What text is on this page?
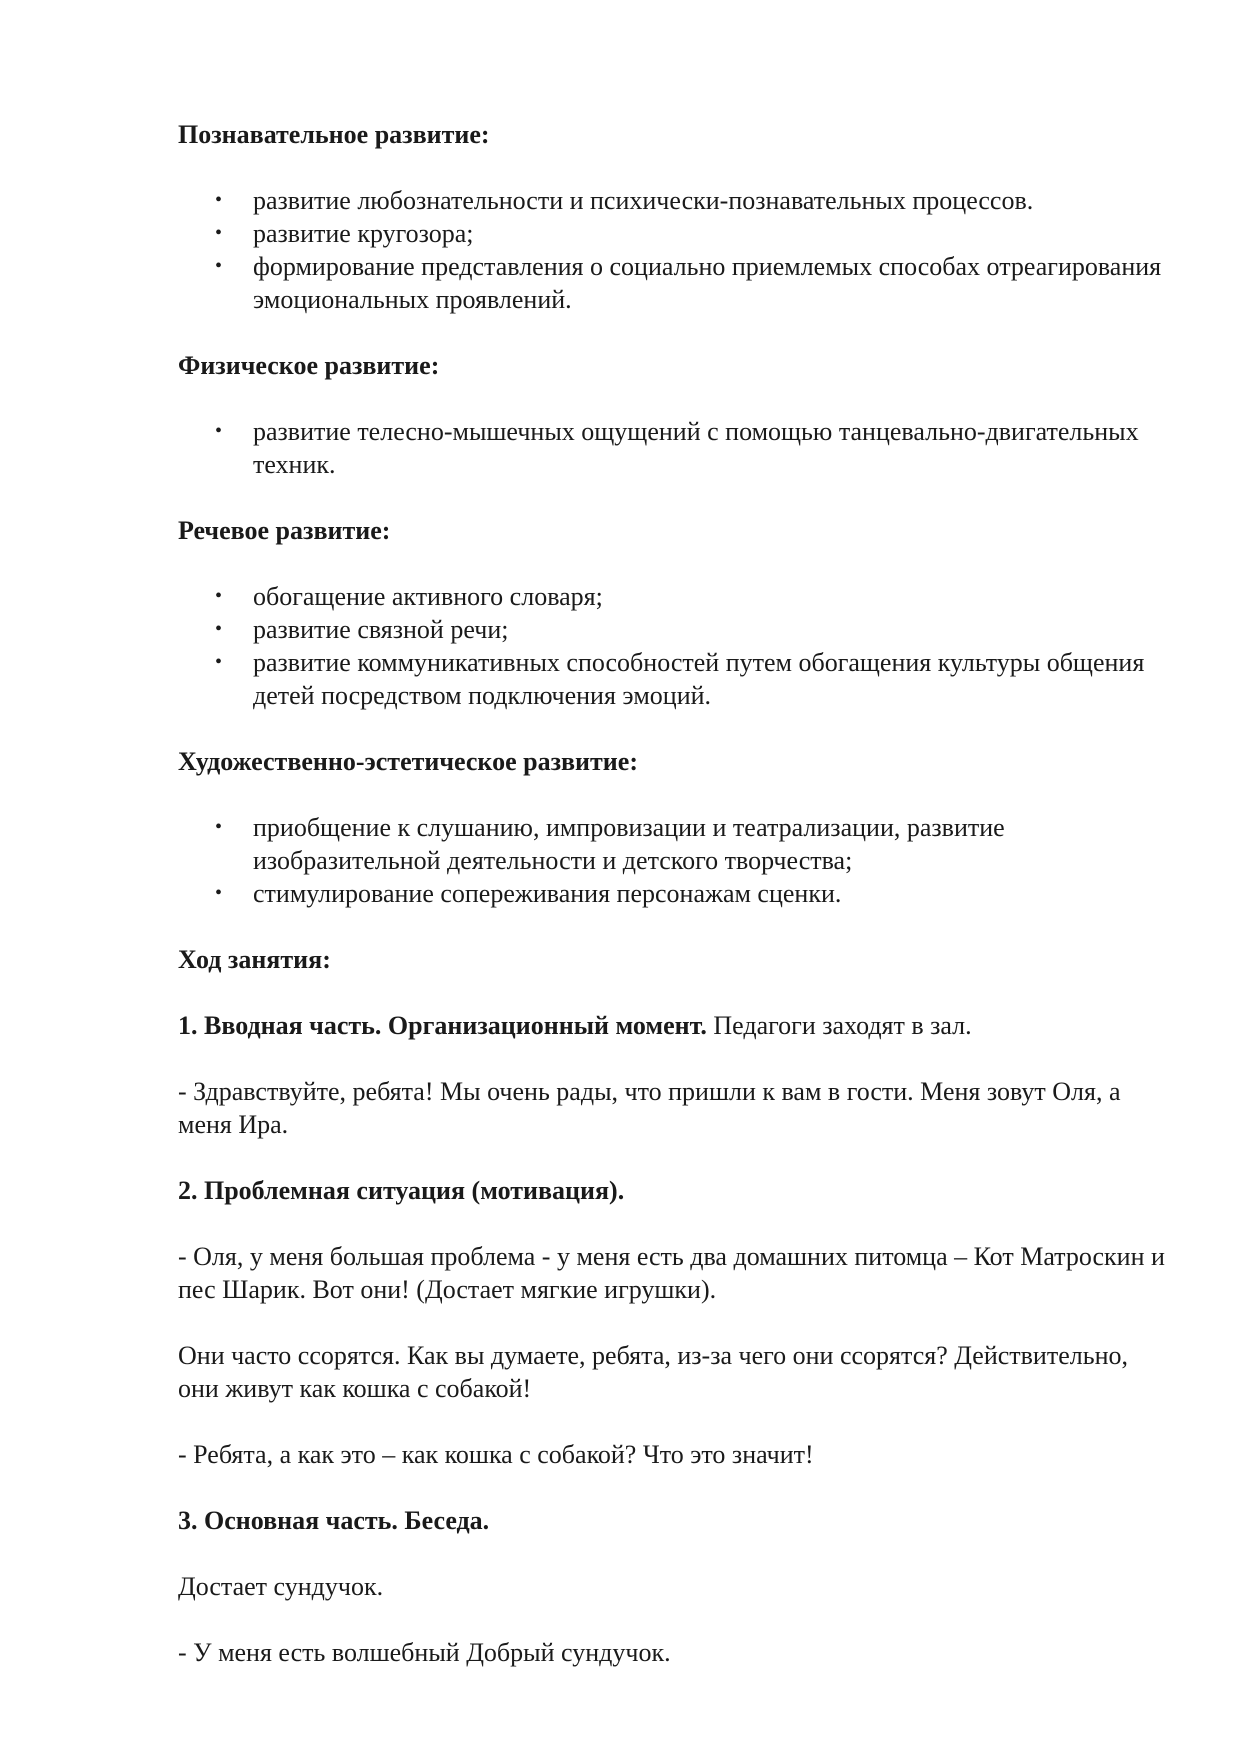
Познавательное развитие:
• развитие любознательности и психически-познавательных процессов.
• развитие кругозора;
• формирование представления о социально приемлемых способах отреагирования эмоциональных проявлений.
Физическое развитие:
• развитие телесно-мышечных ощущений с помощью танцевально-двигательных техник.
Речевое развитие:
• обогащение активного словаря;
• развитие связной речи;
• развитие коммуникативных способностей путем обогащения культуры общения детей посредством подключения эмоций.
Художественно-эстетическое развитие:
• приобщение к слушанию, импровизации и театрализации, развитие изобразительной деятельности и детского творчества;
• стимулирование сопереживания персонажам сценки.
Ход занятия:
1. Вводная часть. Организационный момент. Педагоги заходят в зал.
- Здравствуйте, ребята! Мы очень рады, что пришли к вам в гости. Меня зовут Оля, а меня Ира.
2. Проблемная ситуация (мотивация).
- Оля, у меня большая проблема - у меня есть два домашних питомца – Кот Матроскин и пес Шарик. Вот они! (Достает мягкие игрушки).
Они часто ссорятся. Как вы думаете, ребята, из-за чего они ссорятся? Действительно, они живут как кошка с собакой!
- Ребята, а как это – как кошка с собакой? Что это значит!
3. Основная часть. Беседа.
Достает сундучок.
- У меня есть волшебный Добрый сундучок.
